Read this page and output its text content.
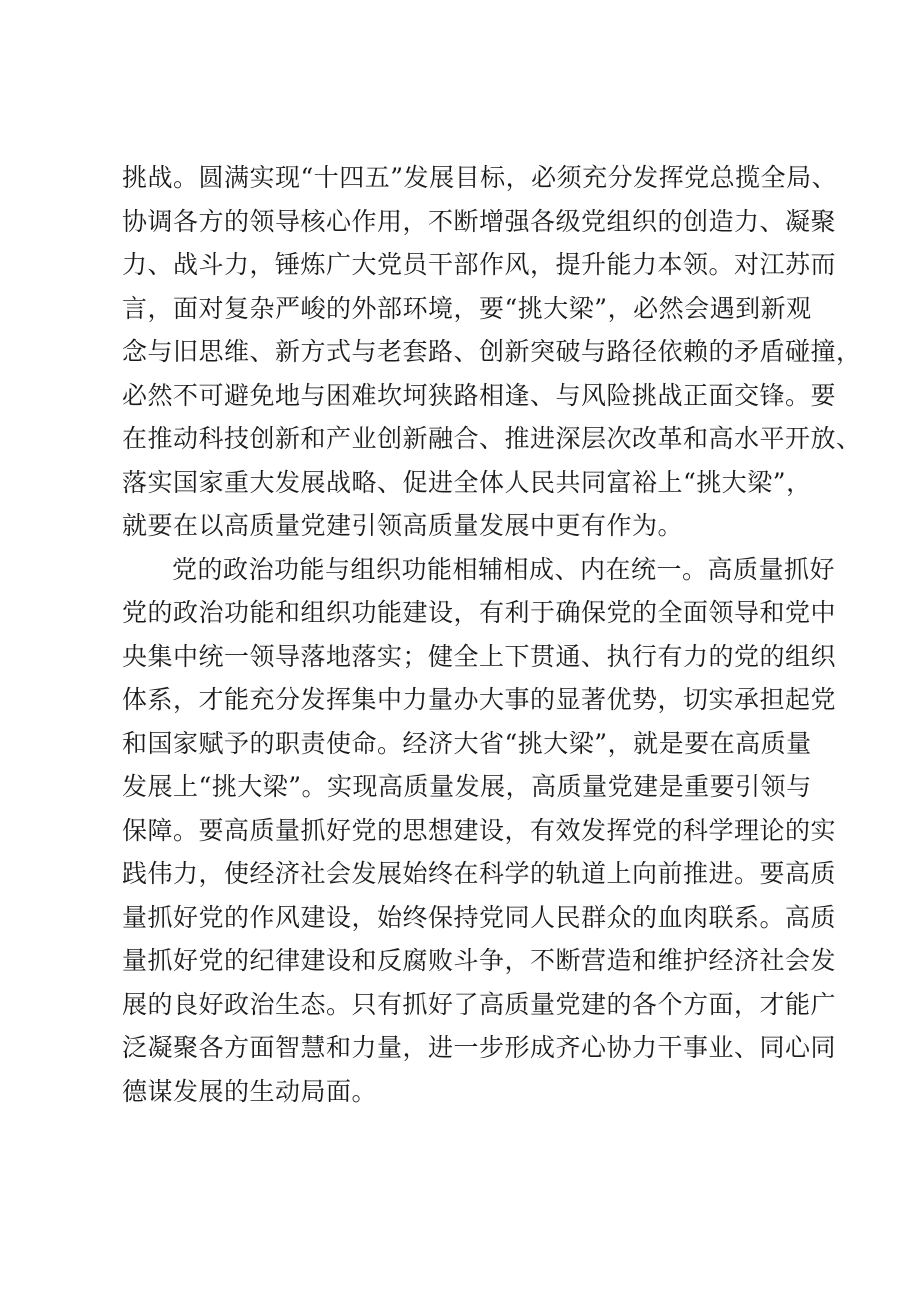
挑战。圆满实现“十四五”发展目标，必须充分发挥党总揽全局、
协调各方的领导核心作用，不断增强各级党组织的创造力、凝聚
力、战斗力，锤炼广大党员干部作风，提升能力本领。对江苏而
言，面对复杂严峻的外部环境，要“挑大梁”，必然会遇到新观
念与旧思维、新方式与老套路、创新突破与路径依赖的矛盾碰撞，
必然不可避免地与困难坎坷狭路相逢、与风险挑战正面交锋。要
在推动科技创新和产业创新融合、推进深层次改革和高水平开放、
落实国家重大发展战略、促进全体人民共同富裕上“挑大梁”，
就要在以高质量党建引领高质量发展中更有作为。
党的政治功能与组织功能相辅相成、内在统一。高质量抓好
党的政治功能和组织功能建设，有利于确保党的全面领导和党中
央集中统一领导落地落实；健全上下贯通、执行有力的党的组织
体系，才能充分发挥集中力量办大事的显著优势，切实承担起党
和国家赋予的职责使命。经济大省“挑大梁”，就是要在高质量
发展上“挑大梁”。实现高质量发展，高质量党建是重要引领与
保障。要高质量抓好党的思想建设，有效发挥党的科学理论的实
践伟力，使经济社会发展始终在科学的轨道上向前推进。要高质
量抓好党的作风建设，始终保持党同人民群众的血肉联系。高质
量抓好党的纪律建设和反腐败斗争，不断营造和维护经济社会发
展的良好政治生态。只有抓好了高质量党建的各个方面，才能广
泛凝聚各方面智慧和力量，进一步形成齐心协力干事业、同心同
德谋发展的生动局面。
